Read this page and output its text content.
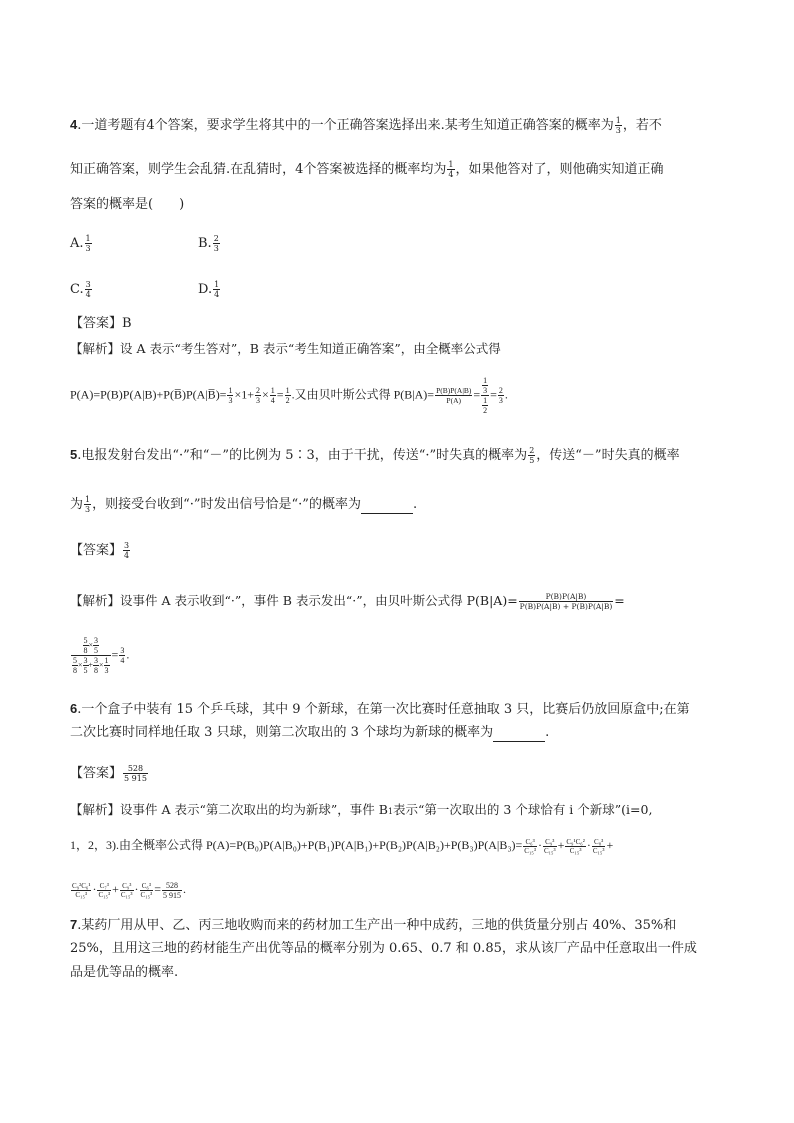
4.一道考题有4个答案，要求学生将其中的一个正确答案选择出来.某考生知道正确答案的概率为 $\frac{1}{3}$ ，若不
知正确答案，则学生会乱猜.在乱猜时，4个答案被选择的概率均为 $\frac{1}{4}$ ，如果他答对了，则他确实知道正确
答案的概率是(　　)
A. $\frac{1}{3}$	B. $\frac{2}{3}$
C. $\frac{3}{4}$	D. $\frac{1}{4}$
【答案】B
【解析】设 A 表示“考生答对”，B 表示“考生知道正确答案”，由全概率公式得
P(A)=P(B)P(A|B)+P(B̅)P(A|B̅)= $\frac{1}{3} \times 1+ \frac{2}{3} \times \frac{1}{4} = \frac{1}{2}$ .又由贝叶斯公式得 $P(B|A)= \frac{P(B)P(A|B)}{P(A)} = \frac{\frac{1}{3}}{\frac{1}{2}} = \frac{2}{3}$ .
5.电报发射台发出“·”和“－”的比例为 5∶3，由于干扰，传送“·”时失真的概率为 $\frac{2}{5}$ ，传送“－”时失真的概率
为 $\frac{1}{3}$ ，则接受台收到“·”时发出信号恰是“·”的概率为	.
【答案】 $\frac{3}{4}$
【解析】设事件 A 表示收到“·”，事件 B 表示发出“·”，由贝叶斯公式得 $P(B|A)= \frac{P(B)P(A|B)}{P(B)P(A|B) + P(B̅)P(A|B̅)}$ =
$\frac{\frac{5}{8} \times \frac{3}{5}}{\frac{5}{8} \times \frac{3}{5} + \frac{3}{8} \times \frac{1}{3}} = \frac{3}{4}$ .
6.一个盒子中装有 15 个乒乓球，其中 9 个新球，在第一次比赛时任意抽取 3 只，比赛后仍放回原盒中;在第
二次比赛时同样地任取 3 只球，则第二次取出的 3 个球均为新球的概率为	.
【答案】 $\frac{528}{5 915}$
【解析】设事件 A 表示“第二次取出的均为新球”，事件 B1表示“第一次取出的 3 个球恰有 i 个新球”(i=0,
1，2，3).由全概率公式得 $P(A)=P(B_0)P(A|B_0)+P(B_1)P(A|B_1)+P(B_2)P(A|B_2)+P(B_3)P(A|B_3)= \frac{\text{C₆³}}{\text{C₁₅³}} \cdot \frac{\text{C₉³}}{\text{C₁₅³}} + \frac{\text{C₉¹C₆²}}{\text{C₁₅³}} \cdot \frac{\text{C₈³}}{\text{C₁₅³}}$ +
$\frac{\text{C₉²C₆¹}}{\text{C₁₅³}} \cdot \frac{\text{C₇³}}{\text{C₁₅³}} + \frac{\text{C₉³}}{\text{C₁₅³}} \cdot \frac{\text{C₆³}}{\text{C₁₅³}} = \frac{528}{5 915}$ .
7.某药厂用从甲、乙、丙三地收购而来的药材加工生产出一种中成药，三地的供货量分别占 40%、35%和
25%，且用这三地的药材能生产出优等品的概率分别为 0.65、0.7 和 0.85，求从该厂产品中任意取出一件成
品是优等品的概率.
